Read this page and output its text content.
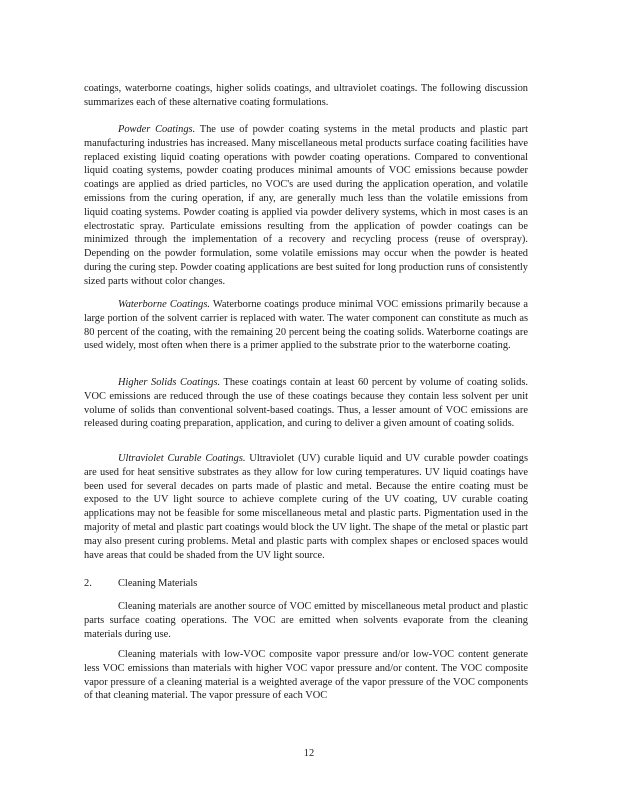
coatings, waterborne coatings, higher solids coatings, and ultraviolet coatings. The following discussion summarizes each of these alternative coating formulations.

Powder Coatings. The use of powder coating systems in the metal products and plastic part manufacturing industries has increased. Many miscellaneous metal products surface coating facilities have replaced existing liquid coating operations with powder coating operations. Compared to conventional liquid coating systems, powder coating produces minimal amounts of VOC emissions because powder coatings are applied as dried particles, no VOC's are used during the application operation, and volatile emissions from the curing operation, if any, are generally much less than the volatile emissions from liquid coating systems. Powder coating is applied via powder delivery systems, which in most cases is an electrostatic spray. Particulate emissions resulting from the application of powder coatings can be minimized through the implementation of a recovery and recycling process (reuse of overspray). Depending on the powder formulation, some volatile emissions may occur when the powder is heated during the curing step. Powder coating applications are best suited for long production runs of consistently sized parts without color changes.

Waterborne Coatings. Waterborne coatings produce minimal VOC emissions primarily because a large portion of the solvent carrier is replaced with water. The water component can constitute as much as 80 percent of the coating, with the remaining 20 percent being the coating solids. Waterborne coatings are used widely, most often when there is a primer applied to the substrate prior to the waterborne coating.

Higher Solids Coatings. These coatings contain at least 60 percent by volume of coating solids. VOC emissions are reduced through the use of these coatings because they contain less solvent per unit volume of solids than conventional solvent-based coatings. Thus, a lesser amount of VOC emissions are released during coating preparation, application, and curing to deliver a given amount of coating solids.

Ultraviolet Curable Coatings. Ultraviolet (UV) curable liquid and UV curable powder coatings are used for heat sensitive substrates as they allow for low curing temperatures. UV liquid coatings have been used for several decades on parts made of plastic and metal. Because the entire coating must be exposed to the UV light source to achieve complete curing of the UV coating, UV curable coating applications may not be feasible for some miscellaneous metal and plastic parts. Pigmentation used in the majority of metal and plastic part coatings would block the UV light. The shape of the metal or plastic part may also present curing problems. Metal and plastic parts with complex shapes or enclosed spaces would have areas that could be shaded from the UV light source.

2.	Cleaning Materials

Cleaning materials are another source of VOC emitted by miscellaneous metal product and plastic parts surface coating operations. The VOC are emitted when solvents evaporate from the cleaning materials during use.

Cleaning materials with low-VOC composite vapor pressure and/or low-VOC content generate less VOC emissions than materials with higher VOC vapor pressure and/or content. The VOC composite vapor pressure of a cleaning material is a weighted average of the vapor pressure of the VOC components of that cleaning material. The vapor pressure of each VOC

12
